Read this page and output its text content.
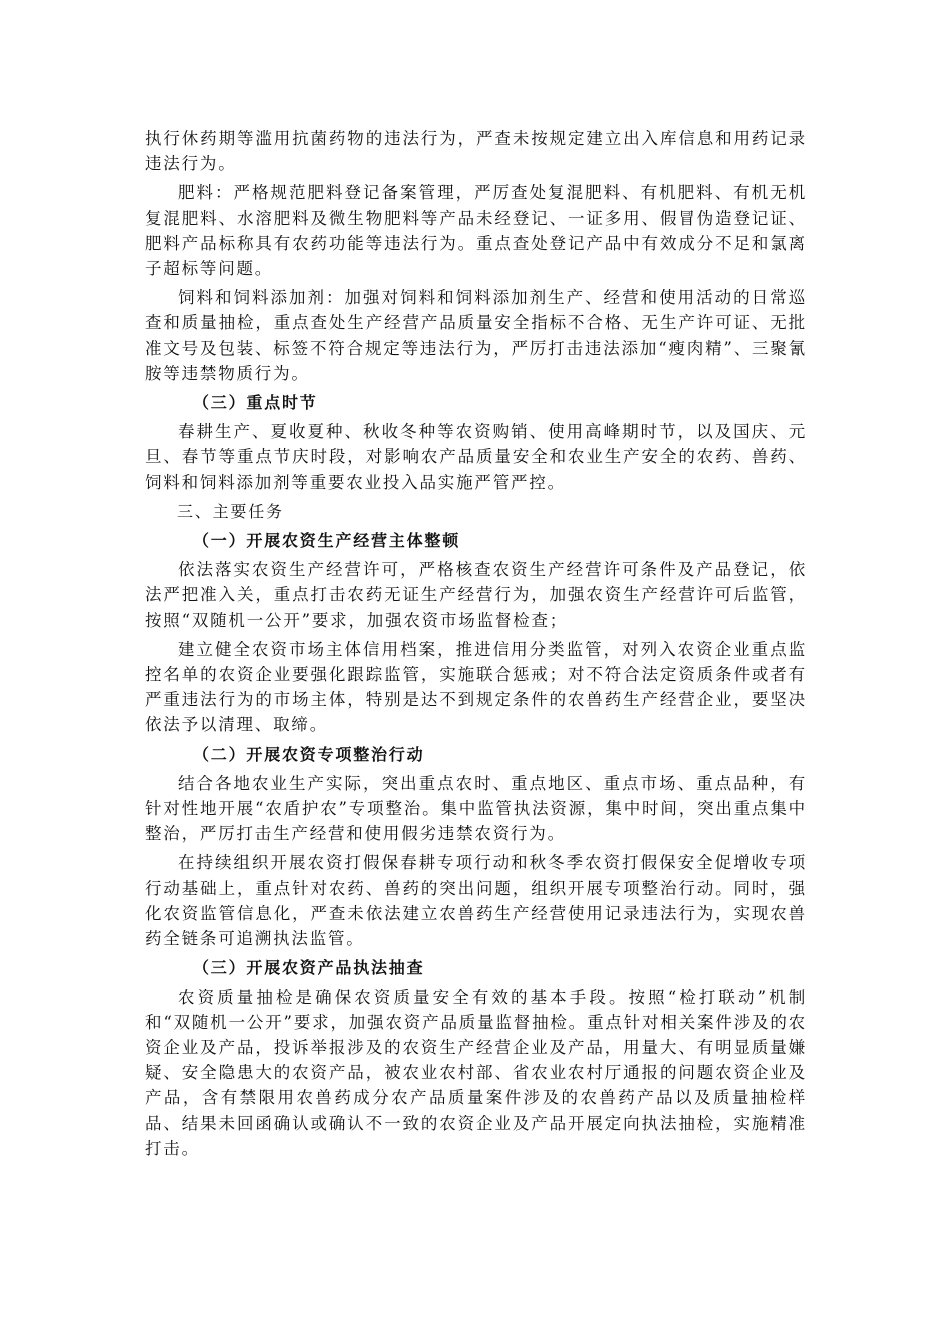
执行休药期等滥用抗菌药物的违法行为，严查未按规定建立出入库信息和用药记录违法行为。

肥料：严格规范肥料登记备案管理，严厉查处复混肥料、有机肥料、有机无机复混肥料、水溶肥料及微生物肥料等产品未经登记、一证多用、假冒伪造登记证、肥料产品标称具有农药功能等违法行为。重点查处登记产品中有效成分不足和氯离子超标等问题。

饲料和饲料添加剂：加强对饲料和饲料添加剂生产、经营和使用活动的日常巡查和质量抽检，重点查处生产经营产品质量安全指标不合格、无生产许可证、无批准文号及包装、标签不符合规定等违法行为，严厉打击违法添加“瘦肉精”、三聚氰胺等违禁物质行为。

（三）重点时节

春耕生产、夏收夏种、秋收冬种等农资购销、使用高峰期时节，以及国庆、元旦、春节等重点节庆时段，对影响农产品质量安全和农业生产安全的农药、兽药、饲料和饲料添加剂等重要农业投入品实施严管严控。

三、主要任务

（一）开展农资生产经营主体整顿

依法落实农资生产经营许可，严格核查农资生产经营许可条件及产品登记，依法严把准入关，重点打击农药无证生产经营行为，加强农资生产经营许可后监管，按照“双随机一公开”要求，加强农资市场监督检查；

建立健全农资市场主体信用档案，推进信用分类监管，对列入农资企业重点监控名单的农资企业要强化跟踪监管，实施联合惩戒；对不符合法定资质条件或者有严重违法行为的市场主体，特别是达不到规定条件的农兽药生产经营企业，要坚决依法予以清理、取缔。

（二）开展农资专项整治行动

结合各地农业生产实际，突出重点农时、重点地区、重点市场、重点品种，有针对性地开展“农盾护农”专项整治。集中监管执法资源，集中时间，突出重点集中整治，严厉打击生产经营和使用假劣违禁农资行为。

在持续组织开展农资打假保春耕专项行动和秋冬季农资打假保安全促增收专项行动基础上，重点针对农药、兽药的突出问题，组织开展专项整治行动。同时，强化农资监管信息化，严查未依法建立农兽药生产经营使用记录违法行为，实现农兽药全链条可追溯执法监管。

（三）开展农资产品执法抽查

农资质量抽检是确保农资质量安全有效的基本手段。按照“检打联动”机制和“双随机一公开”要求，加强农资产品质量监督抽检。重点针对相关案件涉及的农资企业及产品，投诉举报涉及的农资生产经营企业及产品，用量大、有明显质量嫌疑、安全隐患大的农资产品，被农业农村部、省农业农村厅通报的问题农资企业及产品，含有禁限用农兽药成分农产品质量案件涉及的农兽药产品以及质量抽检样品、结果未回函确认或确认不一致的农资企业及产品开展定向执法抽检，实施精准打击。
